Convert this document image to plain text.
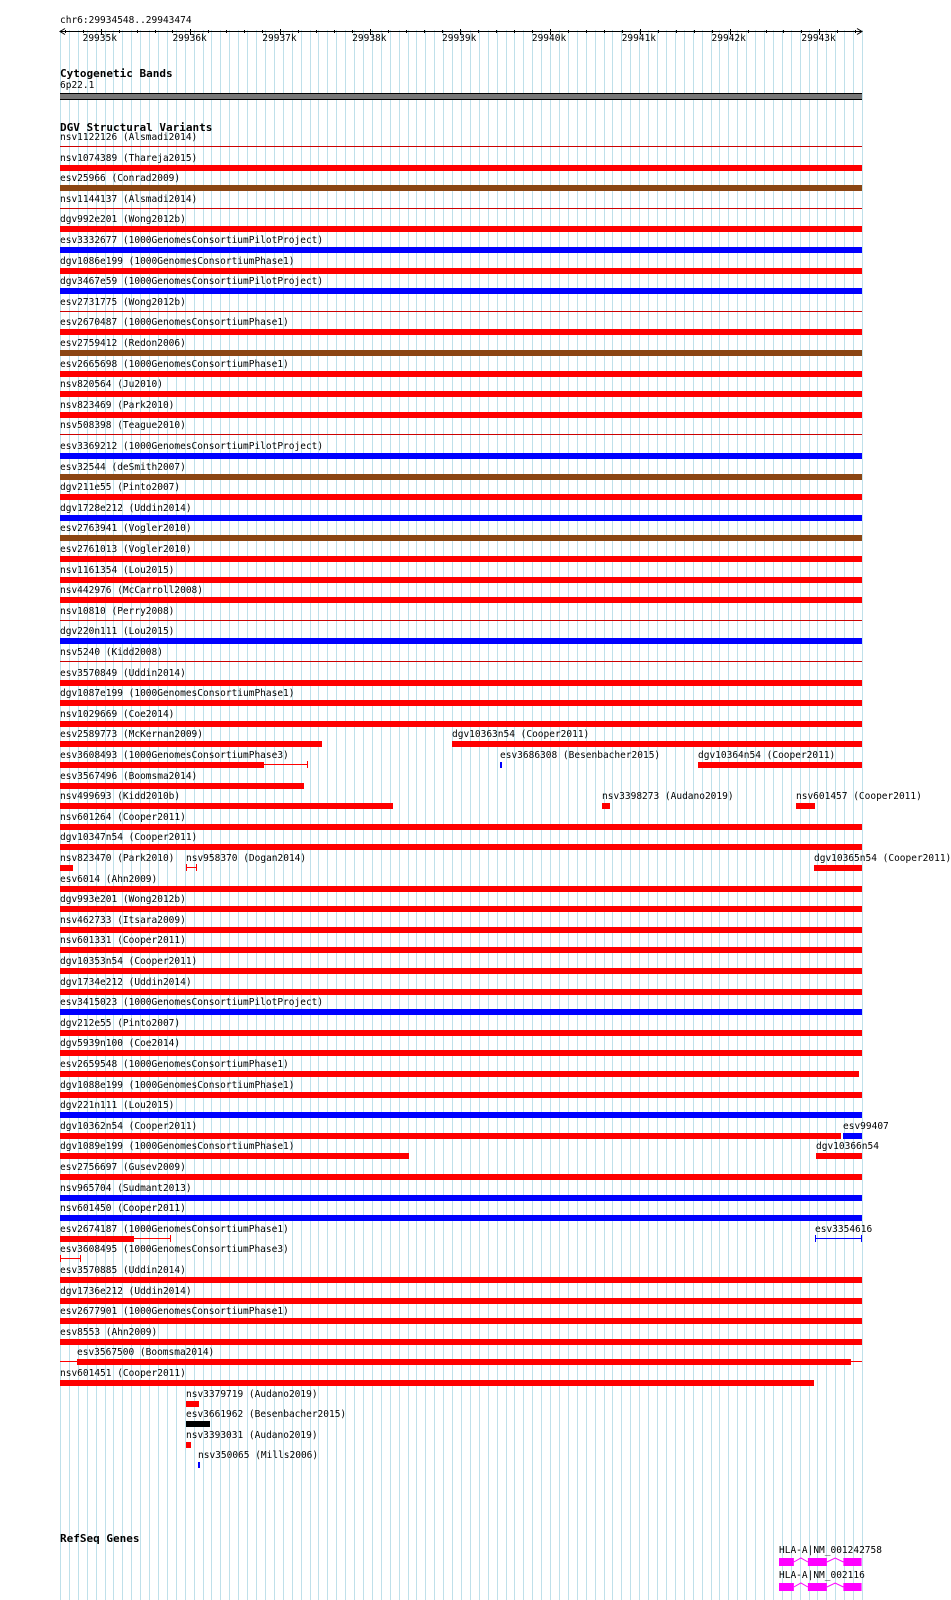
chr6:29934548..29943474
29935k	29936k	29937k	29938k	29939k	29940k	29941k	29942k	29943k
Cytogenetic Bands
6p22.1
DGV Structural Variants
nsv1122126 (Alsmadi2014)
nsv1074389 (Thareja2015)
esv25966 (Conrad2009)
nsv1144137 (Alsmadi2014)
dgv992e201 (Wong2012b)
esv3332677 (1000GenomesConsortiumPilotProject)
dgv1086e199 (1000GenomesConsortiumPhase1)
dgv3467e59 (1000GenomesConsortiumPilotProject)
esv2731775 (Wong2012b)
esv2670487 (1000GenomesConsortiumPhase1)
esv2759412 (Redon2006)
esv2665698 (1000GenomesConsortiumPhase1)
nsv820564 (Ju2010)
nsv823469 (Park2010)
nsv508398 (Teague2010)
esv3369212 (1000GenomesConsortiumPilotProject)
esv32544 (deSmith2007)
dgv211e55 (Pinto2007)
dgv1728e212 (Uddin2014)
esv2763941 (Vogler2010)
esv2761013 (Vogler2010)
nsv1161354 (Lou2015)
nsv442976 (McCarroll2008)
nsv10810 (Perry2008)
dgv220n111 (Lou2015)
nsv5240 (Kidd2008)
esv3570849 (Uddin2014)
dgv1087e199 (1000GenomesConsortiumPhase1)
nsv1029669 (Coe2014)
esv2589773 (McKernan2009)	dgv10363n54 (Cooper2011)
esv3608493 (1000GenomesConsortiumPhase3)	esv3686308 (Besenbacher2015)	dgv10364n54 (Cooper2011)
esv3567496 (Boomsma2014)
nsv499693 (Kidd2010b)	nsv3398273 (Audano2019)	nsv601457 (Cooper2011)
nsv601264 (Cooper2011)
dgv10347n54 (Cooper2011)
nsv823470 (Park2010) nsv958370 (Dogan2014)	dgv10365n54 (Cooper2011)
esv6014 (Ahn2009)
dgv993e201 (Wong2012b)
nsv462733 (Itsara2009)
nsv601331 (Cooper2011)
dgv10353n54 (Cooper2011)
dgv1734e212 (Uddin2014)
esv3415023 (1000GenomesConsortiumPilotProject)
dgv212e55 (Pinto2007)
dgv5939n100 (Coe2014)
esv2659548 (1000GenomesConsortiumPhase1)
dgv1088e199 (1000GenomesConsortiumPhase1)
dgv221n111 (Lou2015)
dgv10362n54 (Cooper2011)	esv99407
dgv1089e199 (1000GenomesConsortiumPhase1)	dgv10366n54
esv2756697 (Gusev2009)
nsv965704 (Sudmant2013)
nsv601450 (Cooper2011)
esv2674187 (1000GenomesConsortiumPhase1)	esv3354616
esv3608495 (1000GenomesConsortiumPhase3)
esv3570885 (Uddin2014)
dgv1736e212 (Uddin2014)
esv2677901 (1000GenomesConsortiumPhase1)
esv8553 (Ahn2009)
esv3567500 (Boomsma2014)
nsv601451 (Cooper2011)
nsv3379719 (Audano2019)
esv3661962 (Besenbacher2015)
nsv3393031 (Audano2019)
nsv350065 (Mills2006)
RefSeq Genes
HLA-A|NM_001242758
HLA-A|NM_002116
